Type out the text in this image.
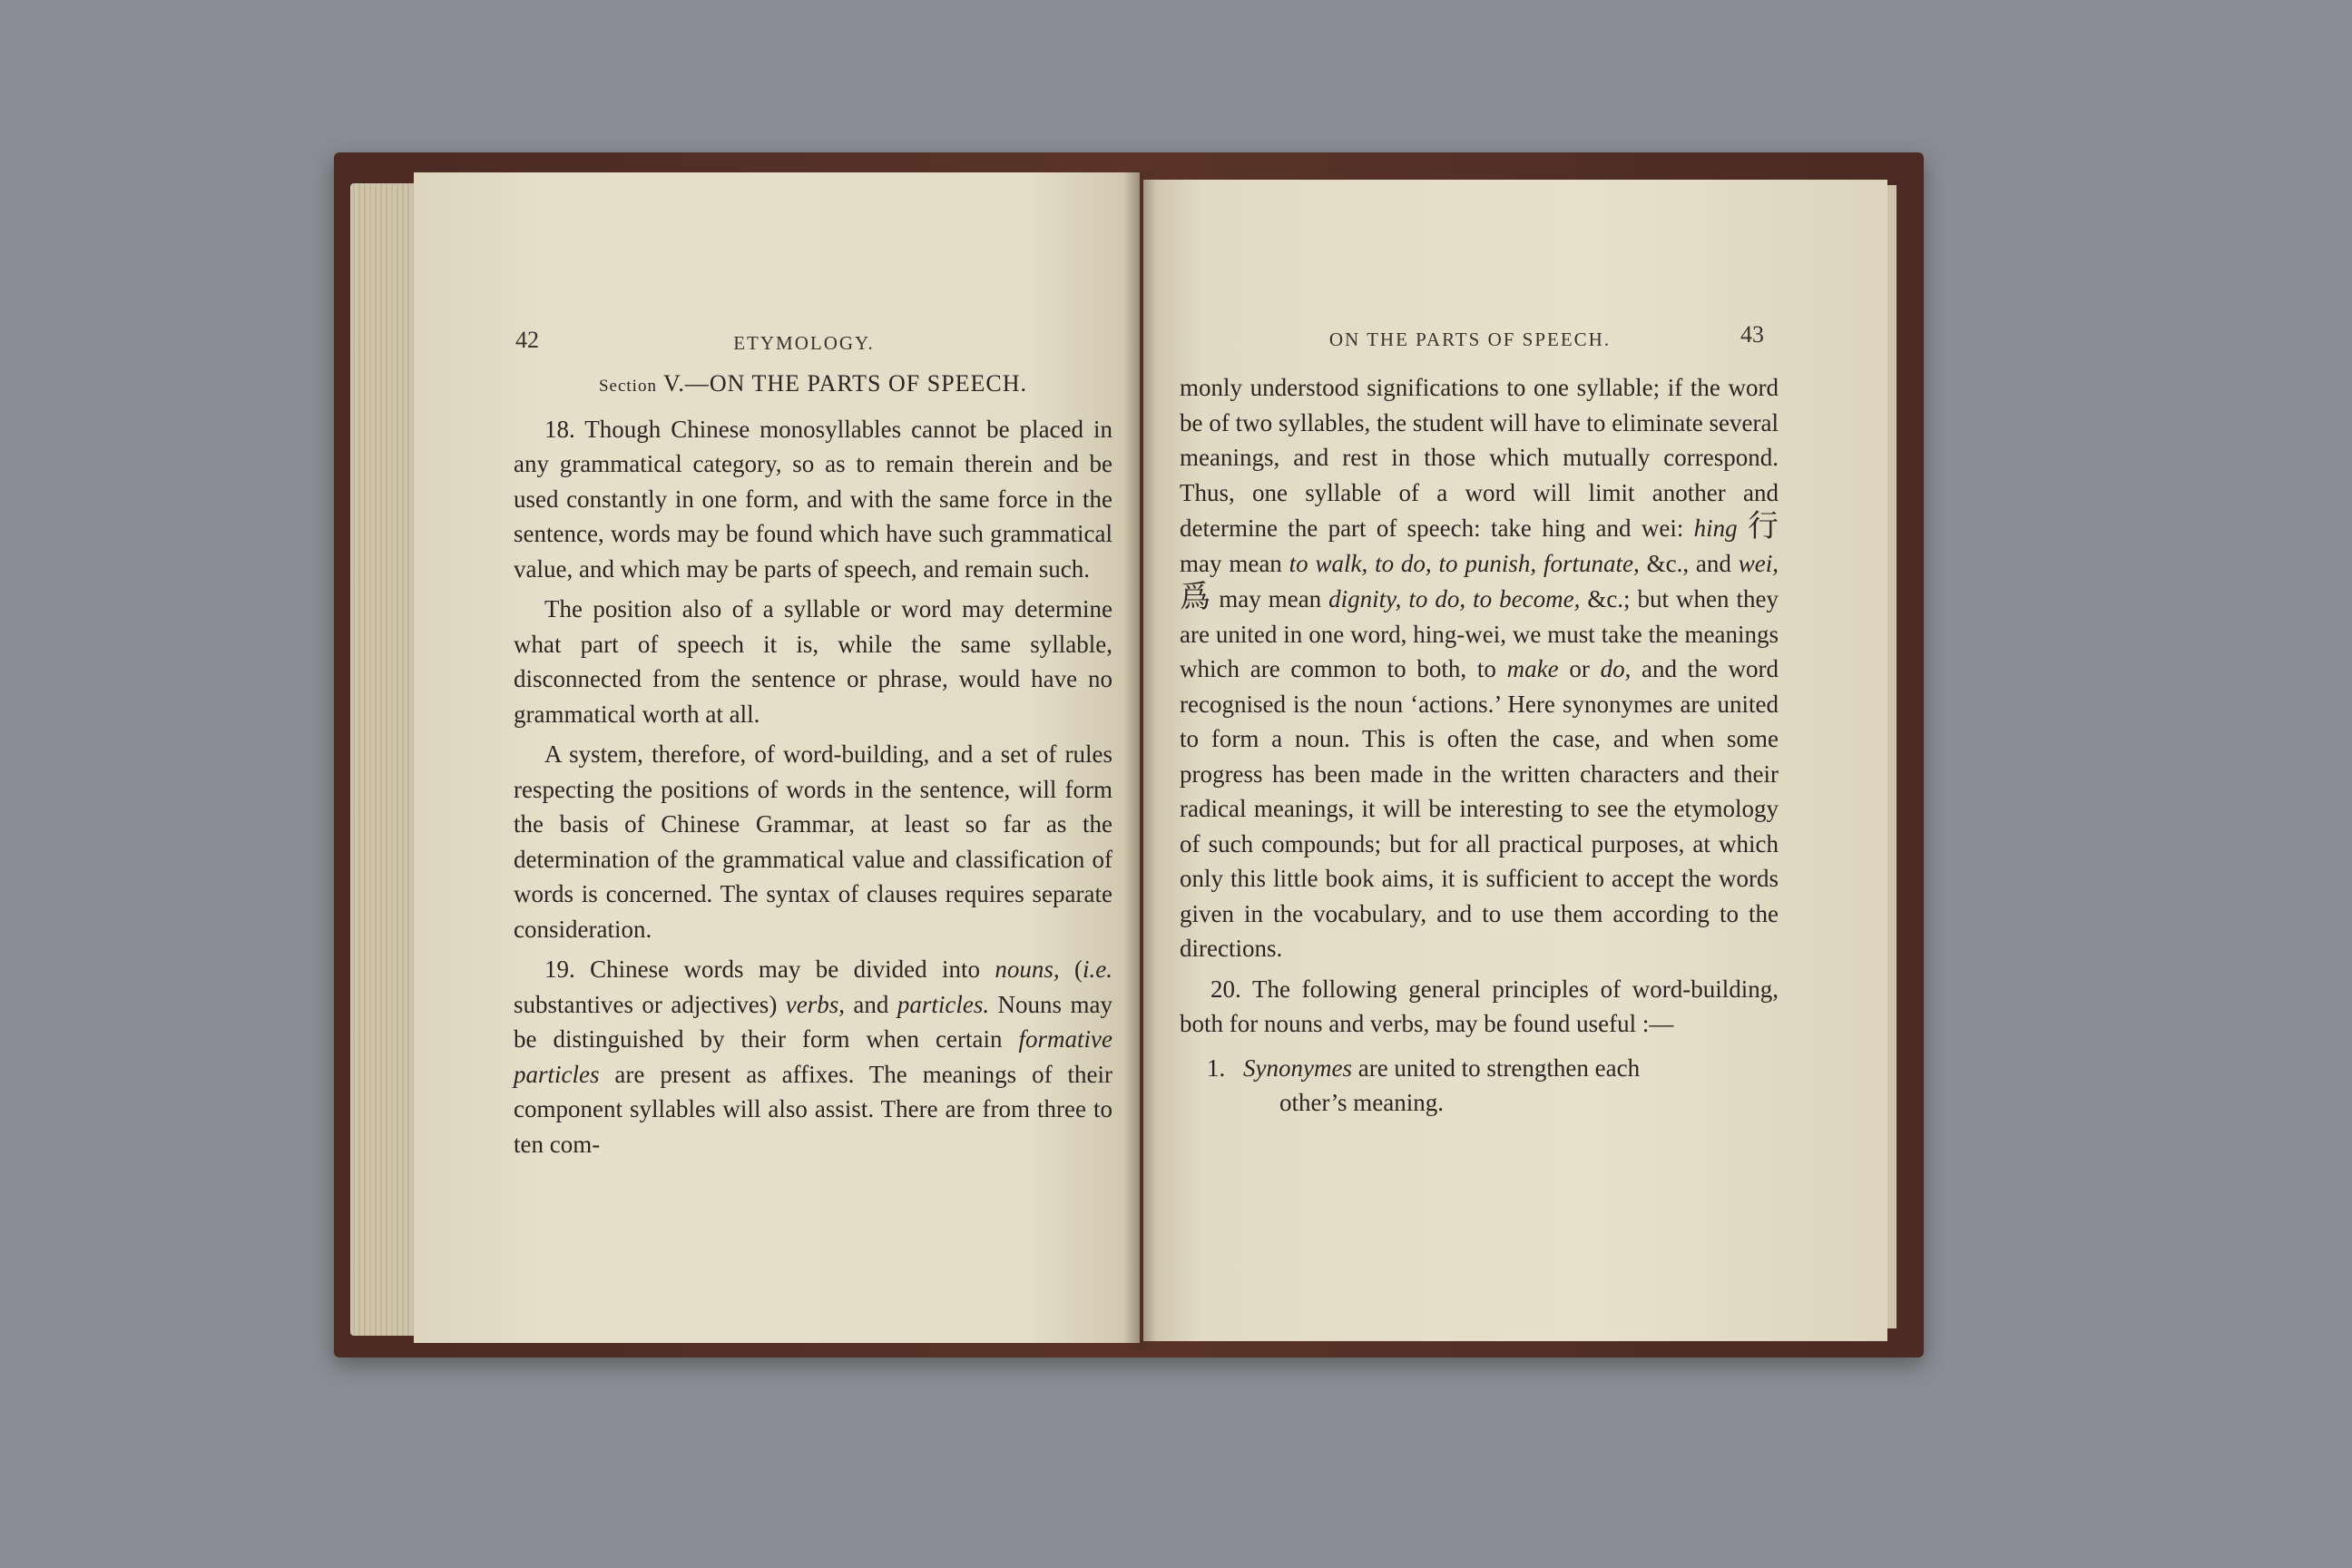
42	ETYMOLOGY.
Section V.—ON THE PARTS OF SPEECH.

18. Though Chinese monosyllables cannot be placed in any grammatical category, so as to remain therein and be used constantly in one form, and with the same force in the sentence, words may be found which have such grammatical value, and which may be parts of speech, and remain such.

The position also of a syllable or word may determine what part of speech it is, while the same syllable, disconnected from the sentence or phrase, would have no grammatical worth at all.

A system, therefore, of word-building, and a set of rules respecting the positions of words in the sentence, will form the basis of Chinese Grammar, at least so far as the determination of the grammatical value and classification of words is concerned. The syntax of clauses requires separate consideration.

19. Chinese words may be divided into nouns, (i.e. substantives or adjectives) verbs, and particles. Nouns may be distinguished by their form when certain formative particles are present as affixes. The meanings of their component syllables will also assist. There are from three to ten com-

ON THE PARTS OF SPEECH.	43

monly understood significations to one syllable; if the word be of two syllables, the student will have to eliminate several meanings, and rest in those which mutually correspond. Thus, one syllable of a word will limit another and determine the part of speech: take hing and wei: hing 行 may mean to walk, to do, to punish, fortunate, &c., and wei, 爲 may mean dignity, to do, to become, &c.; but when they are united in one word, hing-wei, we must take the meanings which are common to both, to make or do, and the word recognised is the noun ‘actions.’ Here synonymes are united to form a noun. This is often the case, and when some progress has been made in the written characters and their radical meanings, it will be interesting to see the etymology of such compounds; but for all practical purposes, at which only this little book aims, it is sufficient to accept the words given in the vocabulary, and to use them according to the directions.

20. The following general principles of word-building, both for nouns and verbs, may be found useful :—

1. Synonymes are united to strengthen each
other’s meaning.
